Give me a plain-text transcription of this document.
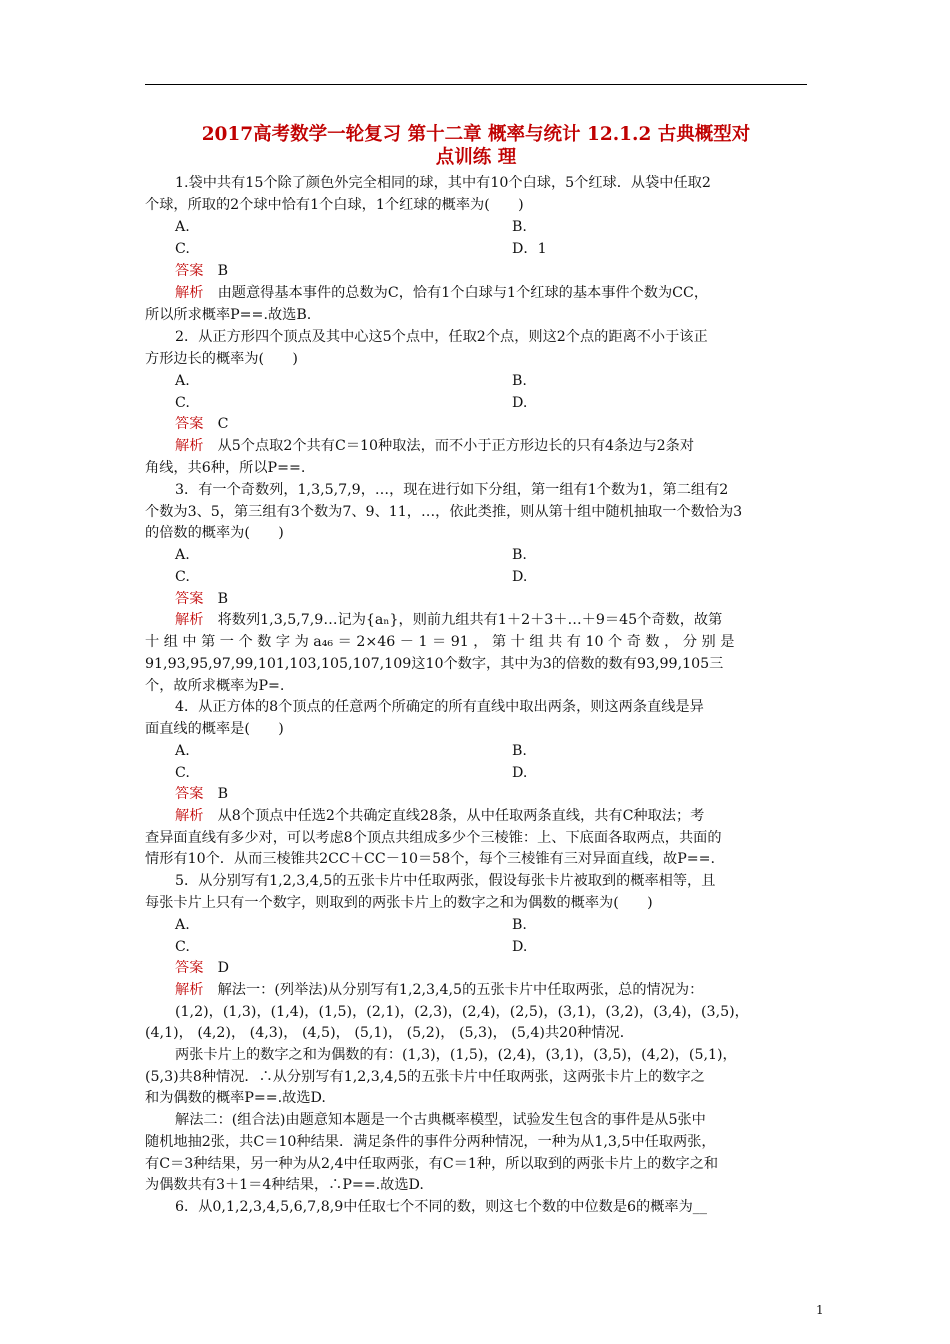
2017高考数学一轮复习 第十二章 概率与统计 12.1.2 古典概型对
点训练 理
1.袋中共有15个除了颜色外完全相同的球，其中有10个白球，5个红球．从袋中任取2
个球，所取的2个球中恰有1个白球，1个红球的概率为(　　)
A.	B.
C.	D．1
答案　 B
解析　 由题意得基本事件的总数为C，恰有1个白球与1个红球的基本事件个数为CC，
所以所求概率P==.故选B.
2．从正方形四个顶点及其中心这5个点中，任取2个点，则这2个点的距离不小于该正
方形边长的概率为(　　)
A.	B.
C.	D.
答案　 C
解析　 从5个点取2个共有C＝10种取法，而不小于正方形边长的只有4条边与2条对
角线，共6种，所以P==.
3．有一个奇数列，1,3,5,7,9，…，现在进行如下分组，第一组有1个数为1，第二组有2
个数为3、5，第三组有3个数为7、9、11，…，依此类推，则从第十组中随机抽取一个数恰为3
的倍数的概率为(　　)
A.	B.
C.	D.
答案　 B
解析　 将数列1,3,5,7,9…记为{aₙ}，则前九组共有1＋2＋3＋…＋9＝45个奇数，故第
十 组 中 第 一 个 数 字 为 a₄₆ ＝ 2×46 － 1 ＝ 91 ， 第 十 组 共 有 10 个 奇 数 ， 分 别 是
91,93,95,97,99,101,103,105,107,109这10个数字，其中为3的倍数的数有93,99,105三
个，故所求概率为P=.
4．从正方体的8个顶点的任意两个所确定的所有直线中取出两条，则这两条直线是异
面直线的概率是(　　)
A.	B.
C.	D.
答案　 B
解析　 从8个顶点中任选2个共确定直线28条，从中任取两条直线，共有C种取法；考
查异面直线有多少对，可以考虑8个顶点共组成多少个三棱锥：上、下底面各取两点，共面的
情形有10个．从而三棱锥共2CC＋CC－10＝58个，每个三棱锥有三对异面直线，故P==.
5．从分别写有1,2,3,4,5的五张卡片中任取两张，假设每张卡片被取到的概率相等，且
每张卡片上只有一个数字，则取到的两张卡片上的数字之和为偶数的概率为(　　)
A.	B.
C.	D.
答案　 D
解析　 解法一：(列举法)从分别写有1,2,3,4,5的五张卡片中任取两张，总的情况为：
(1,2)，(1,3)，(1,4)，(1,5)，(2,1)，(2,3)，(2,4)，(2,5)，(3,1)，(3,2)，(3,4)，(3,5)，
(4,1)， (4,2)， (4,3)， (4,5)， (5,1)， (5,2)， (5,3)， (5,4)共20种情况．
两张卡片上的数字之和为偶数的有：(1,3)，(1,5)，(2,4)，(3,1)，(3,5)，(4,2)，(5,1)，
(5,3)共8种情况．∴从分别写有1,2,3,4,5的五张卡片中任取两张，这两张卡片上的数字之
和为偶数的概率P==.故选D.
解法二：(组合法)由题意知本题是一个古典概率模型，试验发生包含的事件是从5张中
随机地抽2张，共C＝10种结果．满足条件的事件分两种情况，一种为从1,3,5中任取两张，
有C＝3种结果，另一种为从2,4中任取两张，有C＝1种，所以取到的两张卡片上的数字之和
为偶数共有3＋1＝4种结果，∴P==.故选D.
6．从0,1,2,3,4,5,6,7,8,9中任取七个不同的数，则这七个数的中位数是6的概率为__
1
